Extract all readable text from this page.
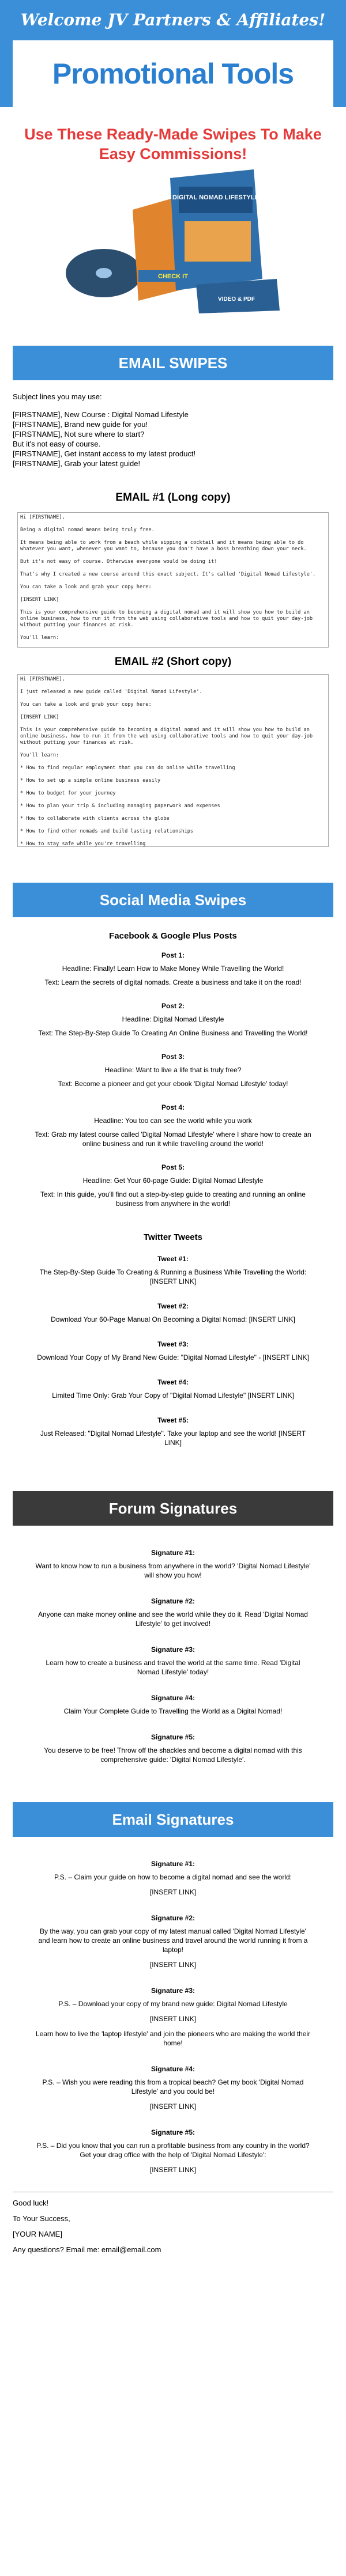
Welcome JV Partners & Affiliates!
Promotional Tools
Use These Ready-Made Swipes To Make Easy Commissions!
DIGITAL NOMAD LIFESTYLE
CHECK IT
VIDEO & PDF
EMAIL SWIPES
Subject lines you may use:
[FIRSTNAME], New Course : Digital Nomad Lifestyle
[FIRSTNAME], Brand new guide for you!
[FIRSTNAME], Not sure where to start?
But it's not easy of course.
[FIRSTNAME], Get instant access to my latest product!
[FIRSTNAME], Grab your latest guide!

EMAIL #1 (Long copy)

Hi [FIRSTNAME],

Being a digital nomad means being truly free.

It means being able to work from a beach while sipping a cocktail and it means being able to do whatever you want, whenever you want to, because you don't have a boss breathing down your neck.

But it's not easy of course. Otherwise everyone would be doing it!

That's why I created a new course around this exact subject. It's called 'Digital Nomad Lifestyle'.

You can take a look and grab your copy here:

[INSERT LINK]

This is your comprehensive guide to becoming a digital nomad and it will show you how to build an online business, how to run it from the web using collaborative tools and how to quit your day-job without putting your finances at risk.

You'll learn:

EMAIL #2 (Short copy)

Hi [FIRSTNAME],

I just released a new guide called 'Digital Nomad Lifestyle'.

You can take a look and grab your copy here:

[INSERT LINK]

This is your comprehensive guide to becoming a digital nomad and it will show you how to build an online business, how to run it from the web using collaborative tools and how to quit your day-job without putting your finances at risk.

You'll learn:

* How to find regular employment that you can do online while travelling

* How to set up a simple online business easily

* How to budget for your journey

* How to plan your trip & including managing paperwork and expenses

* How to collaborate with clients across the globe

* How to find other nomads and build lasting relationships

* How to stay safe while you're travelling

Social Media Swipes

Facebook & Google Plus Posts

Post 1:

Headline: Finally! Learn How to Make Money While Travelling the World!

Text: Learn the secrets of digital nomads. Create a business and take it on the road!

Post 2:

Headline: Digital Nomad Lifestyle

Text: The Step-By-Step Guide To Creating An Online Business and Travelling the World!

Post 3:

Headline: Want to live a life that is truly free?

Text: Become a pioneer and get your ebook 'Digital Nomad Lifestyle' today!

Post 4:

Headline: You too can see the world while you work

Text: Grab my latest course called 'Digital Nomad Lifestyle' where I share how to create an online business and run it while travelling around the world!

Post 5:

Headline: Get Your 60-page Guide: Digital Nomad Lifestyle

Text: In this guide, you'll find out a step-by-step guide to creating and running an online business from anywhere in the world!

Twitter Tweets

Tweet #1:

The Step-By-Step Guide To Creating & Running a Business While Travelling the World: [INSERT LINK]

Tweet #2:

Download Your 60-Page Manual On Becoming a Digital Nomad: [INSERT LINK]

Tweet #3:

Download Your Copy of My Brand New Guide: "Digital Nomad Lifestyle" - [INSERT LINK]

Tweet #4:

Limited Time Only: Grab Your Copy of "Digital Nomad Lifestyle" [INSERT LINK]

Tweet #5:

Just Released: "Digital Nomad Lifestyle". Take your laptop and see the world! [INSERT LINK]

Forum Signatures

Signature #1:

Want to know how to run a business from anywhere in the world? 'Digital Nomad Lifestyle' will show you how!

Signature #2:

Anyone can make money online and see the world while they do it. Read 'Digital Nomad Lifestyle' to get involved!

Signature #3:

Learn how to create a business and travel the world at the same time. Read 'Digital Nomad Lifestyle' today!

Signature #4:

Claim Your Complete Guide to Travelling the World as a Digital Nomad!

Signature #5:

You deserve to be free! Throw off the shackles and become a digital nomad with this comprehensive guide: 'Digital Nomad Lifestyle'.

Email Signatures

Signature #1:

P.S. – Claim your guide on how to become a digital nomad and see the world:

[INSERT LINK]

Signature #2:

By the way, you can grab your copy of my latest manual called 'Digital Nomad Lifestyle' and learn how to create an online business and travel around the world running it from a laptop!

[INSERT LINK]

Signature #3:

P.S. – Download your copy of my brand new guide: Digital Nomad Lifestyle

[INSERT LINK]

Learn how to live the 'laptop lifestyle' and join the pioneers who are making the world their home!

Signature #4:

P.S. – Wish you were reading this from a tropical beach? Get my book 'Digital Nomad Lifestyle' and you could be!

[INSERT LINK]

Signature #5:

P.S. – Did you know that you can run a profitable business from any country in the world? Get your drag office with the help of 'Digital Nomad Lifestyle':

[INSERT LINK]

Good luck!
To Your Success,
[YOUR NAME]
Any questions? Email me: email@email.com
